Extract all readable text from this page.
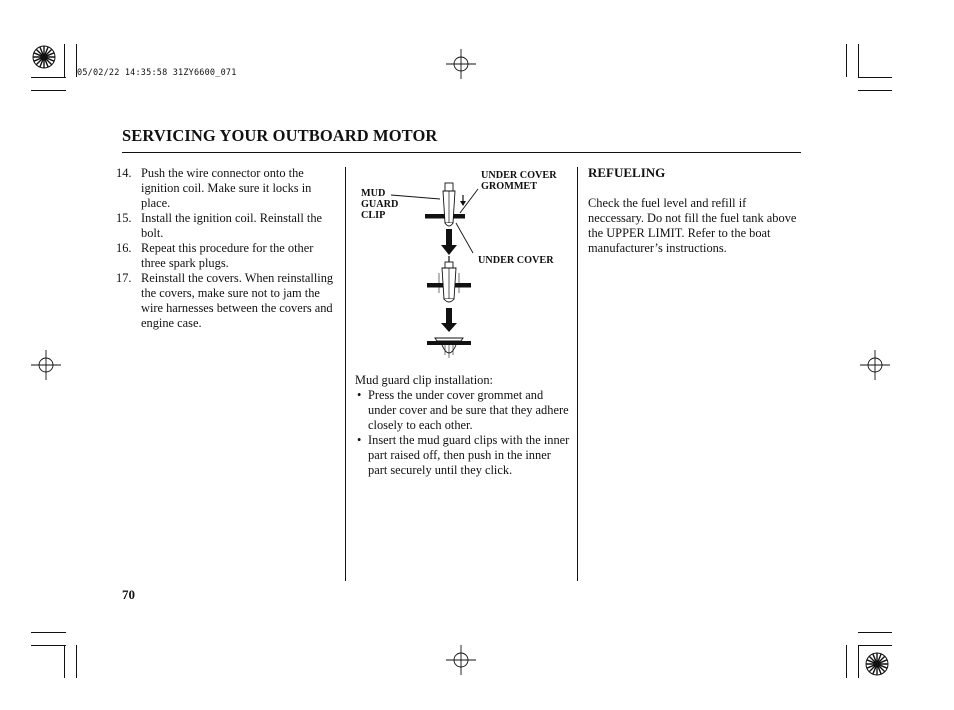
05/02/22 14:35:58 31ZY6600_071
SERVICING YOUR OUTBOARD MOTOR
14. Push the wire connector onto the ignition coil. Make sure it locks in place.
15. Install the ignition coil. Reinstall the bolt.
16. Repeat this procedure for the other three spark plugs.
17. Reinstall the covers. When reinstalling the covers, make sure not to jam the wire harnesses between the covers and engine case.
MUD
GUARD
CLIP
UNDER COVER
GROMMET
UNDER COVER
Mud guard clip installation:
• Press the under cover grommet and under cover and be sure that they adhere closely to each other.
• Insert the mud guard clips with the inner part raised off, then push in the inner part securely until they click.
REFUELING
Check the fuel level and refill if neccessary. Do not fill the fuel tank above the UPPER LIMIT. Refer to the boat manufacturer’s instructions.
70
